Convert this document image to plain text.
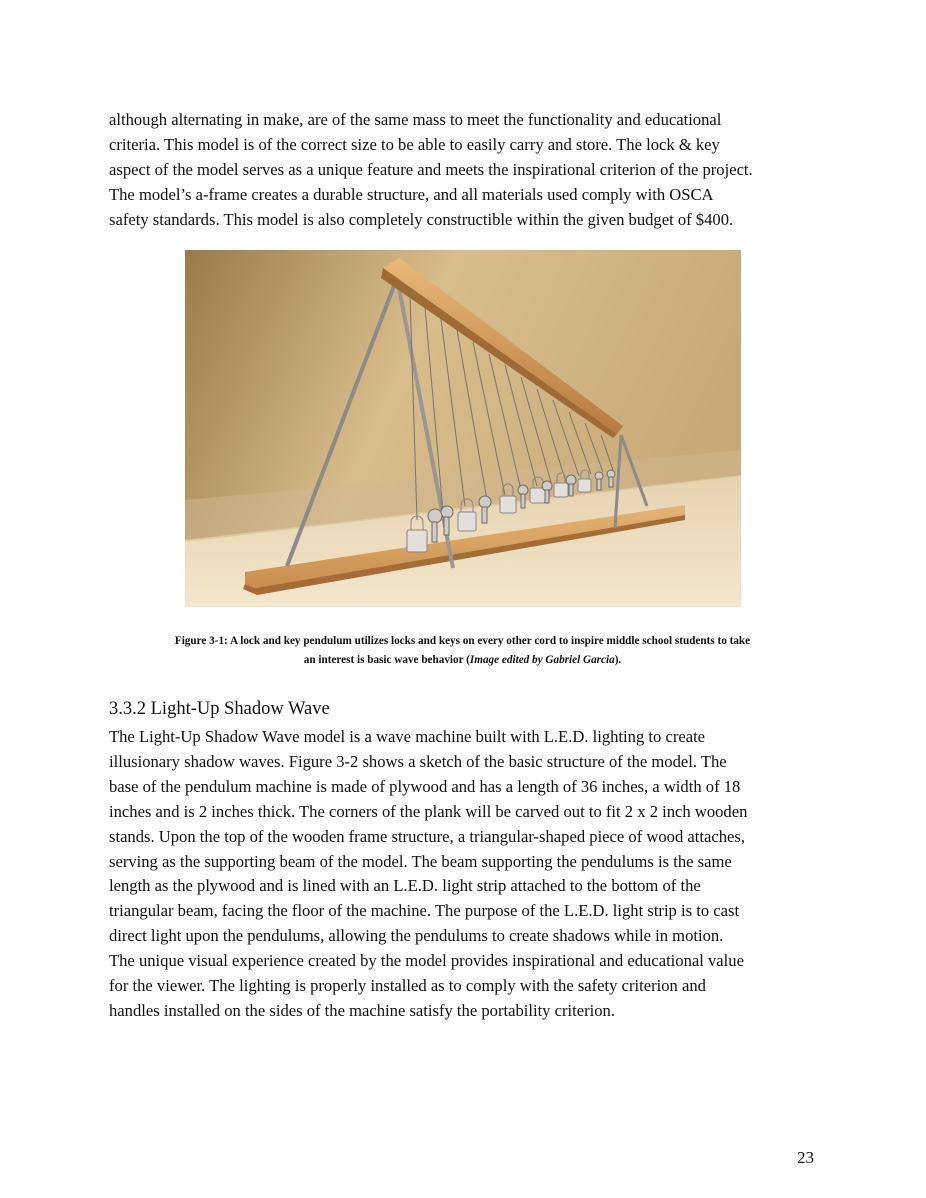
although alternating in make, are of the same mass to meet the functionality and educational
criteria. This model is of the correct size to be able to easily carry and store. The lock & key
aspect of the model serves as a unique feature and meets the inspirational criterion of the project.
The model’s a-frame creates a durable structure, and all materials used comply with OSCA
safety standards. This model is also completely constructible within the given budget of $400.

Figure 3-1: A lock and key pendulum utilizes locks and keys on every other cord to inspire middle school students to take
an interest is basic wave behavior (Image edited by Gabriel Garcia).

3.3.2 Light-Up Shadow Wave

The Light-Up Shadow Wave model is a wave machine built with L.E.D. lighting to create
illusionary shadow waves. Figure 3-2 shows a sketch of the basic structure of the model. The
base of the pendulum machine is made of plywood and has a length of 36 inches, a width of 18
inches and is 2 inches thick. The corners of the plank will be carved out to fit 2 x 2 inch wooden
stands. Upon the top of the wooden frame structure, a triangular-shaped piece of wood attaches,
serving as the supporting beam of the model. The beam supporting the pendulums is the same
length as the plywood and is lined with an L.E.D. light strip attached to the bottom of the
triangular beam, facing the floor of the machine. The purpose of the L.E.D. light strip is to cast
direct light upon the pendulums, allowing the pendulums to create shadows while in motion.
The unique visual experience created by the model provides inspirational and educational value
for the viewer. The lighting is properly installed as to comply with the safety criterion and
handles installed on the sides of the machine satisfy the portability criterion.

23
